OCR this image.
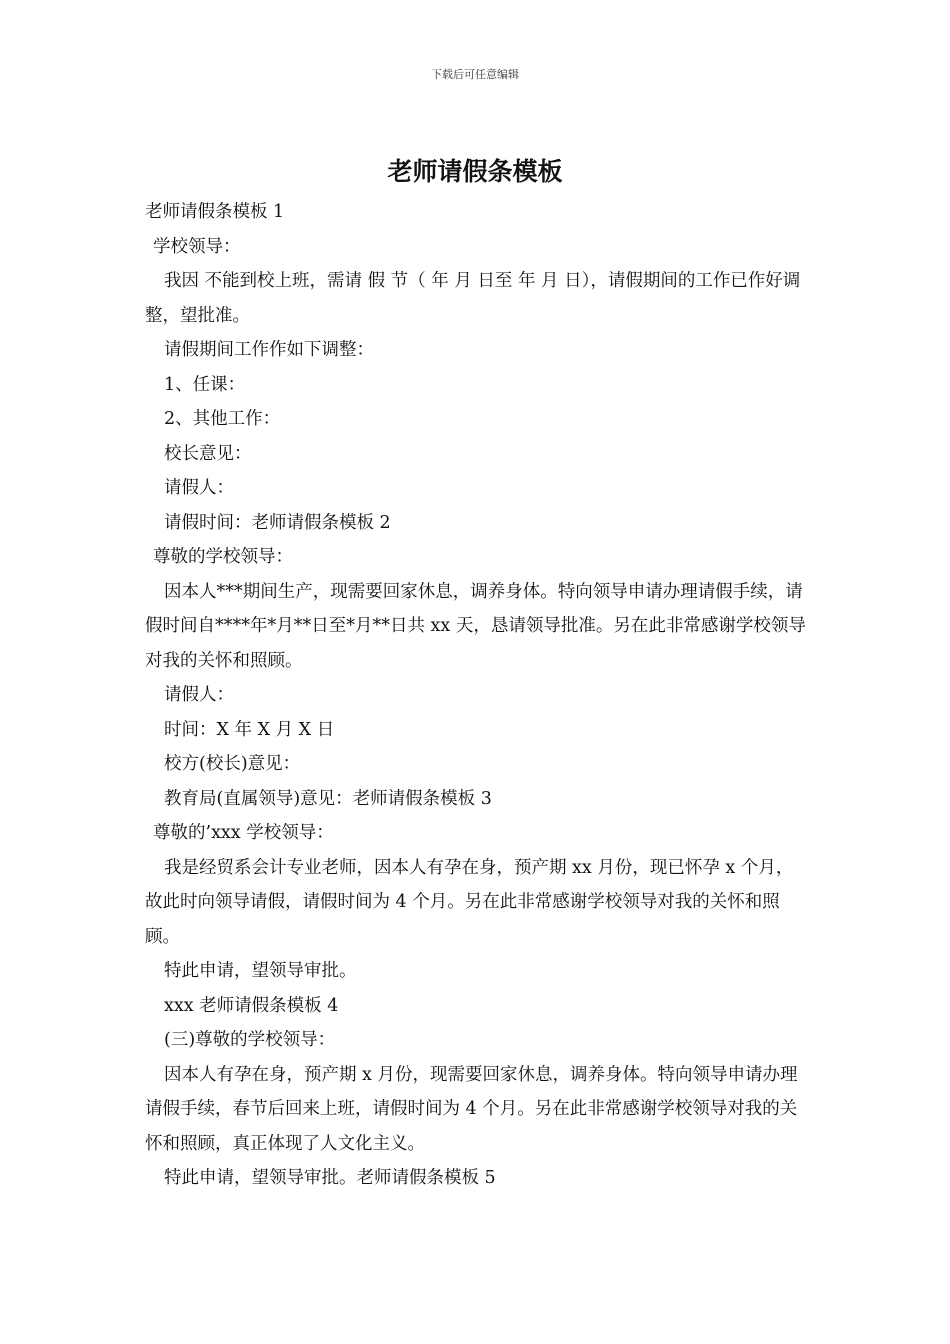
下载后可任意编辑
老师请假条模板

老师请假条模板 1

学校领导：

我因 不能到校上班，需请 假 节（ 年 月 日至 年 月 日），请假期间的工作已作好调整，望批准。

请假期间工作作如下调整：

1、任课：

2、其他工作：

校长意见：

请假人：

请假时间：老师请假条模板 2

尊敬的学校领导：

因本人***期间生产，现需要回家休息，调养身体。特向领导申请办理请假手续，请假时间自****年*月**日至*月**日共 xx 天，恳请领导批准。另在此非常感谢学校领导对我的关怀和照顾。

请假人：

时间：X 年 X 月 X 日

校方(校长)意见：

教育局(直属领导)意见：老师请假条模板 3

尊敬的’xxx 学校领导：

我是经贸系会计专业老师，因本人有孕在身，预产期 xx 月份，现已怀孕 x 个月，故此时向领导请假，请假时间为 4 个月。另在此非常感谢学校领导对我的关怀和照顾。

特此申请，望领导审批。

xxx 老师请假条模板 4

(三)尊敬的学校领导：

因本人有孕在身，预产期 x 月份，现需要回家休息，调养身体。特向领导申请办理请假手续，春节后回来上班，请假时间为 4 个月。另在此非常感谢学校领导对我的关怀和照顾，真正体现了人文化主义。

特此申请，望领导审批。老师请假条模板 5
